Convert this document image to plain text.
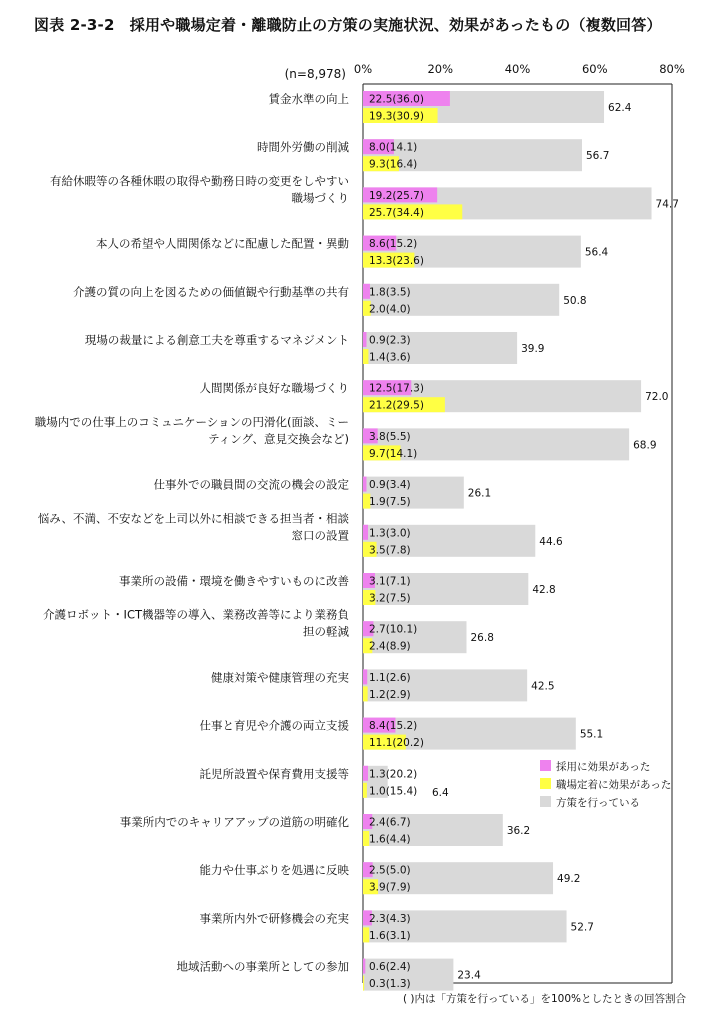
図表 2-3-2　採用や職場定着・離職防止の方策の実施状況、効果があったもの（複数回答）
0%	20%	40%	60%	80%
賃金水準の向上 22.5(36.0)
19.3(30.9)
62.4
時間外労働の削減 8.0(14.1)
9.3(16.4)
56.7
有給休暇等の各種休暇の取得や勤務日時の変更をしやすい
職場づくり 19.2(25.7)
25.7(34.4)
74.7
本人の希望や人間関係などに配慮した配置・異動 8.6(15.2)
13.3(23.6)
56.4
介護の質の向上を図るための価値観や行動基準の共有 1.8(3.5)
2.0(4.0)
50.8
現場の裁量による創意工夫を尊重するマネジメント 0.9(2.3)
1.4(3.6)
39.9
人間関係が良好な職場づくり 12.5(17.3)
21.2(29.5)
72.0
職場内での仕事上のコミュニケーションの円滑化(面談、ミー
ティング、意見交換会など) 3.8(5.5)
9.7(14.1)
68.9
仕事外での職員間の交流の機会の設定 0.9(3.4)
1.9(7.5)
26.1
悩み、不満、不安などを上司以外に相談できる担当者・相談
窓口の設置 1.3(3.0)
3.5(7.8)
44.6
事業所の設備・環境を働きやすいものに改善 3.1(7.1)
3.2(7.5)
42.8
介護ロボット・ICT機器等の導入、業務改善等により業務負
担の軽減 2.7(10.1)
2.4(8.9)
26.8
健康対策や健康管理の充実 1.1(2.6)
1.2(2.9)
42.5
仕事と育児や介護の両立支援 8.4(15.2)
11.1(20.2)
55.1
託児所設置や保育費用支援等 1.3(20.2)
1.0(15.4) 6.4
事業所内でのキャリアアップの道筋の明確化 2.4(6.7)
1.6(4.4)
36.2
能力や仕事ぶりを処遇に反映 2.5(5.0)
3.9(7.9)
49.2
事業所内外で研修機会の充実 2.3(4.3)
1.6(3.1)
52.7
地域活動への事業所としての参加 0.6(2.4)
0.3(1.3)
23.4
採用に効果があった
職場定着に効果があった
方策を行っている
(n=8,978)
( )内は「方策を行っている」を100%としたときの回答割合
